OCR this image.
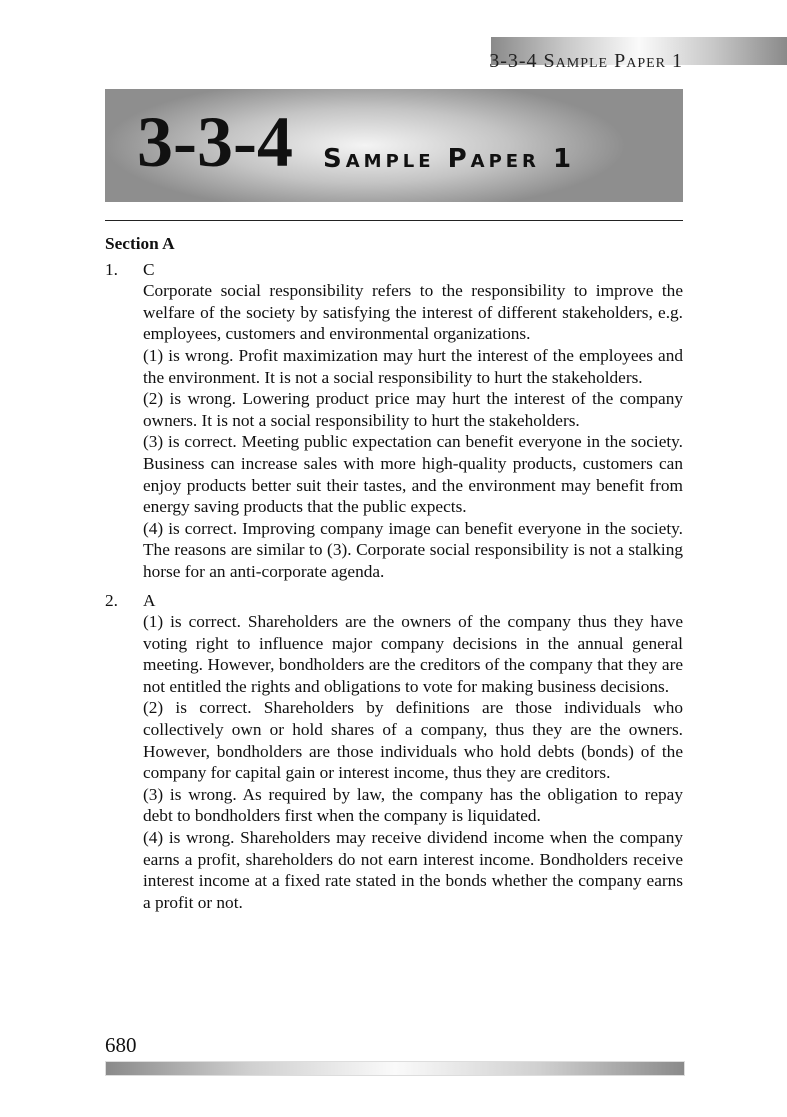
3-3-4 Sample Paper 1
3-3-4 Sample Paper 1
Section A
1. C

Corporate social responsibility refers to the responsibility to improve the welfare of the society by satisfying the interest of different stakeholders, e.g. employees, customers and environmental organizations.

(1) is wrong. Profit maximization may hurt the interest of the employees and the environment. It is not a social responsibility to hurt the stakeholders.

(2) is wrong. Lowering product price may hurt the interest of the company owners. It is not a social responsibility to hurt the stakeholders.

(3) is correct. Meeting public expectation can benefit everyone in the society. Business can increase sales with more high-quality products, customers can enjoy products better suit their tastes, and the environment may benefit from energy saving products that the public expects.

(4) is correct. Improving company image can benefit everyone in the society. The reasons are similar to (3). Corporate social responsibility is not a stalking horse for an anti-corporate agenda.

2. A

(1) is correct. Shareholders are the owners of the company thus they have voting right to influence major company decisions in the annual general meeting. However, bondholders are the creditors of the company that they are not entitled the rights and obligations to vote for making business decisions.

(2) is correct. Shareholders by definitions are those individuals who collectively own or hold shares of a company, thus they are the owners. However, bondholders are those individuals who hold debts (bonds) of the company for capital gain or interest income, thus they are creditors.

(3) is wrong. As required by law, the company has the obligation to repay debt to bondholders first when the company is liquidated.

(4) is wrong. Shareholders may receive dividend income when the company earns a profit, shareholders do not earn interest income. Bondholders receive interest income at a fixed rate stated in the bonds whether the company earns a profit or not.

680
